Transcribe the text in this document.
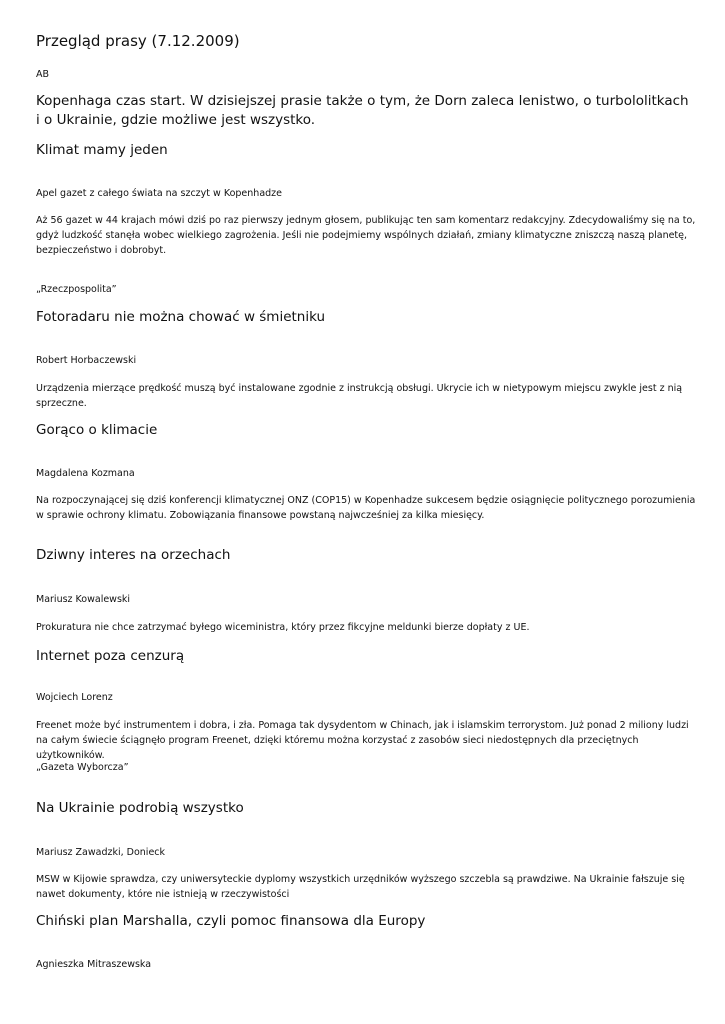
Przegląd prasy (7.12.2009)

AB

Kopenhaga czas start. W dzisiejszej prasie także o tym, że Dorn zaleca lenistwo, o turbololitkach i o Ukrainie, gdzie możliwe jest wszystko.

Klimat mamy jeden

Apel gazet z całego świata na szczyt w Kopenhadze

Aż 56 gazet w 44 krajach mówi dziś po raz pierwszy jednym głosem, publikując ten sam komentarz redakcyjny. Zdecydowaliśmy się na to, gdyż ludzkość stanęła wobec wielkiego zagrożenia. Jeśli nie podejmiemy wspólnych działań, zmiany klimatyczne zniszczą naszą planetę, bezpieczeństwo i dobrobyt.

„Rzeczpospolita”

Fotoradaru nie można chować w śmietniku

Robert Horbaczewski

Urządzenia mierzące prędkość muszą być instalowane zgodnie z instrukcją obsługi. Ukrycie ich w nietypowym miejscu zwykle jest z nią sprzeczne.

Gorąco o klimacie

Magdalena Kozmana

Na rozpoczynającej się dziś konferencji klimatycznej ONZ (COP15) w Kopenhadze sukcesem będzie osiągnięcie politycznego porozumienia w sprawie ochrony klimatu. Zobowiązania finansowe powstaną najwcześniej za kilka miesięcy.

Dziwny interes na orzechach

Mariusz Kowalewski

Prokuratura nie chce zatrzymać byłego wiceministra, który przez fikcyjne meldunki bierze dopłaty z UE.

Internet poza cenzurą

Wojciech Lorenz

Freenet może być instrumentem i dobra, i zła. Pomaga tak dysydentom w Chinach, jak i islamskim terrorystom. Już ponad 2 miliony ludzi na całym świecie ściągnęło program Freenet, dzięki któremu można korzystać z zasobów sieci niedostępnych dla przeciętnych użytkowników.

„Gazeta Wyborcza”

Na Ukrainie podrobią wszystko

Mariusz Zawadzki, Donieck

MSW w Kijowie sprawdza, czy uniwersyteckie dyplomy wszystkich urzędników wyższego szczebla są prawdziwe. Na Ukrainie fałszuje się nawet dokumenty, które nie istnieją w rzeczywistości

Chiński plan Marshalla, czyli pomoc finansowa dla Europy

Agnieszka Mitraszewska
